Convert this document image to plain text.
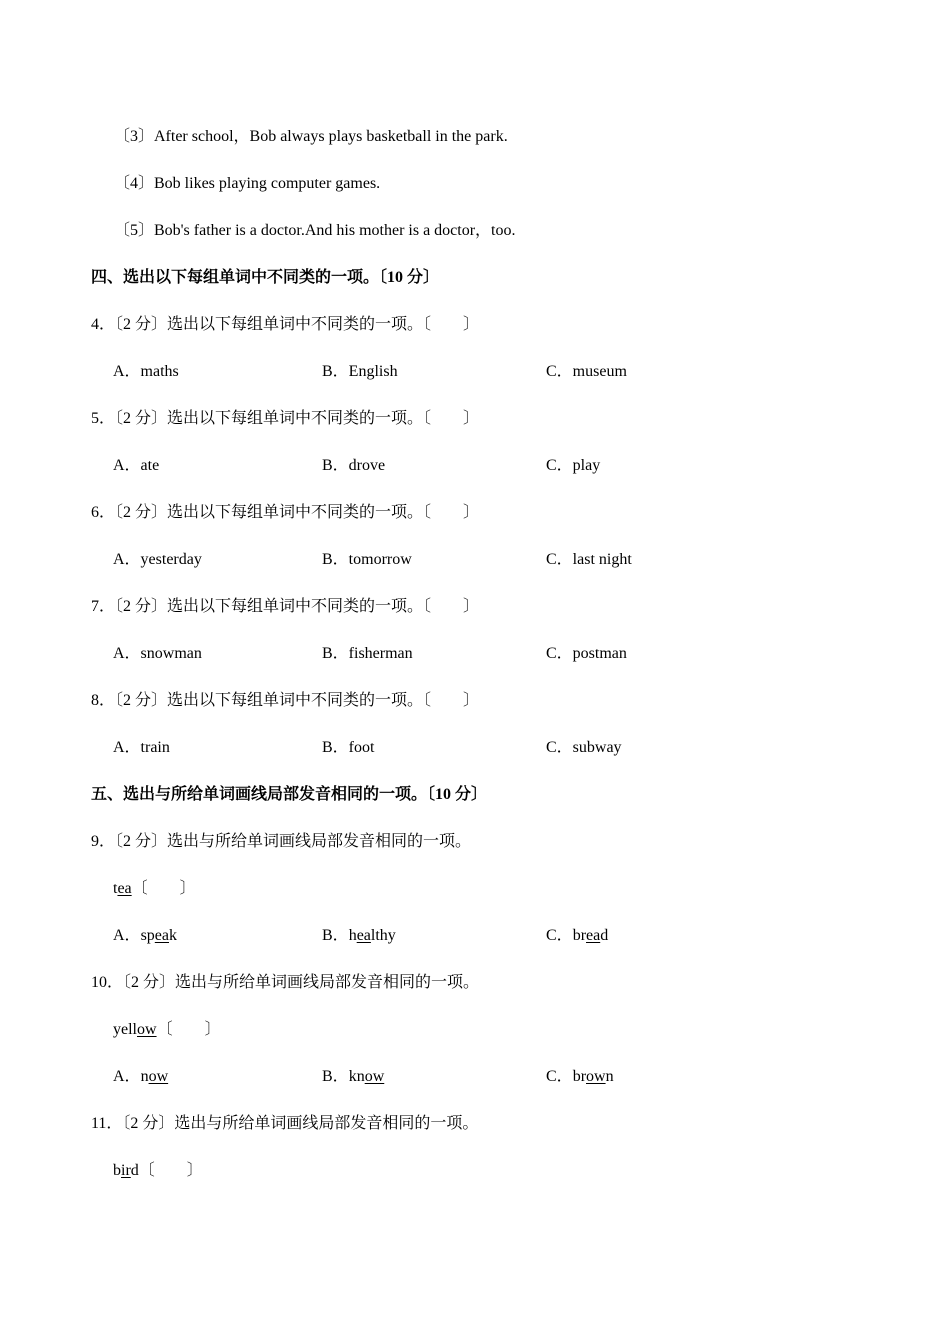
〔3〕After school，Bob always plays basketball in the park.
〔4〕Bob likes playing computer games.
〔5〕Bob's father is a doctor.And his mother is a doctor，too.
四、选出以下每组单词中不同类的一项。〔10 分〕
4．〔2 分〕选出以下每组单词中不同类的一项。〔　　〕
A．maths	B．English	C．museum
5．〔2 分〕选出以下每组单词中不同类的一项。〔　　〕
A．ate	B．drove	C．play
6．〔2 分〕选出以下每组单词中不同类的一项。〔　　〕
A．yesterday	B．tomorrow	C．last night
7．〔2 分〕选出以下每组单词中不同类的一项。〔　　〕
A．snowman	B．fisherman	C．postman
8．〔2 分〕选出以下每组单词中不同类的一项。〔　　〕
A．train	B．foot	C．subway
五、选出与所给单词画线局部发音相同的一项。〔10 分〕
9．〔2 分〕选出与所给单词画线局部发音相同的一项。
tea〔　　〕
A．speak	B．healthy	C．bread
10．〔2 分〕选出与所给单词画线局部发音相同的一项。
yellow〔　　〕
A．now	B．know	C．brown
11．〔2 分〕选出与所给单词画线局部发音相同的一项。
bird〔　　〕
